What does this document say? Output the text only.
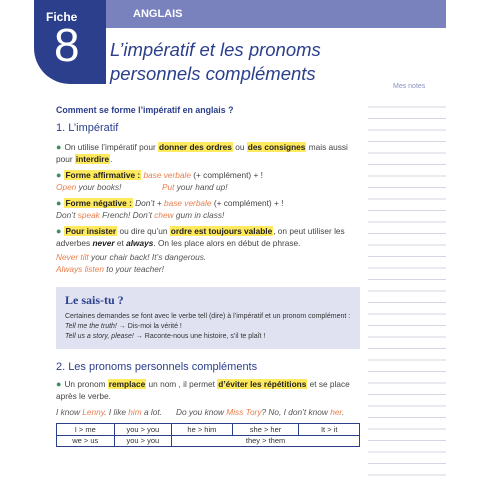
Fiche
8
ANGLAIS
L’impératif et les pronoms
personnels compléments
Mes notes
Comment se forme l’impératif en anglais ?
1. L’impératif
● On utilise l’impératif pour donner des ordres ou des consignes mais aussi pour interdire.
● Forme affirmative : base verbale (+ complément) + !
Open your books!	Put your hand up!
● Forme négative : Don’t + base verbale (+ complément) + !
Don’t speak French! Don’t chew gum in class!
● Pour insister ou dire qu’un ordre est toujours valable, on peut utiliser les adverbes never et always. On les place alors en début de phrase.
Never tilt your chair back! It’s dangerous.
Always listen to your teacher!
2. Les pronoms personnels compléments
● Un pronom remplace un nom , il permet d’éviter les répétitions et se place après le verbe.
I know Lenny. I like him a lot.	Do you know Miss Tory? No, I don’t know her.
Le sais-tu ?
Certaines demandes se font avec le verbe tell (dire) à l’impératif et un pronom complément :
Tell me the truth! → Dis-moi la vérité !
Tell us a story, please! → Raconte-nous une histoire, s’il te plaît !
I > me	you > you	he > him	she > her	It > it
we > us	you > you	they > them		
